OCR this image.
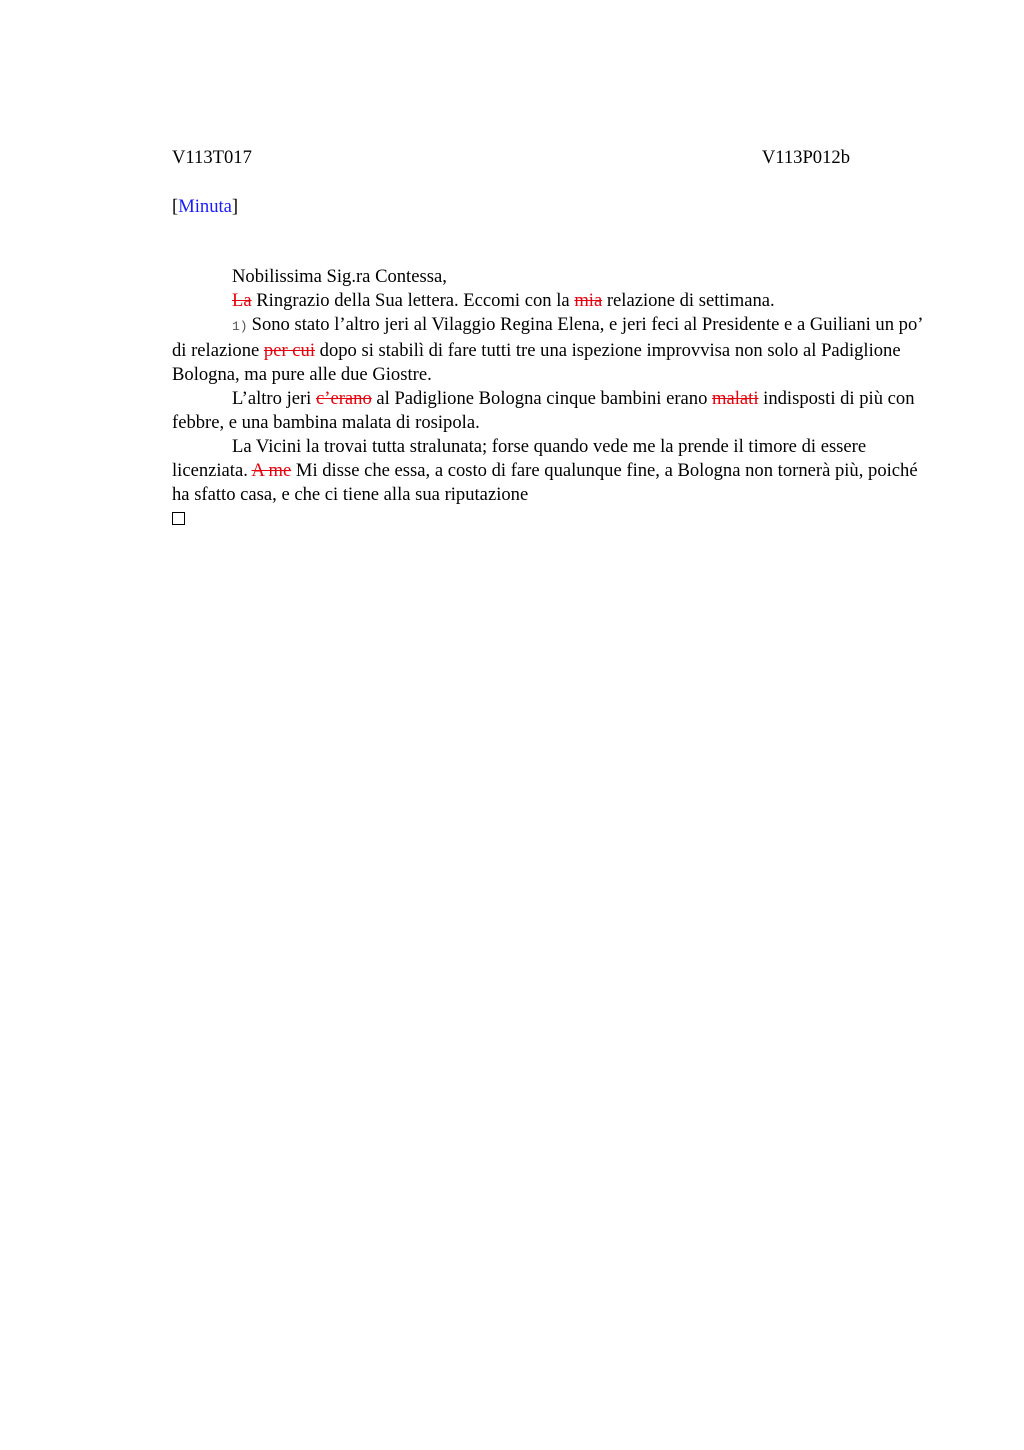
V113T017	V113P012b
[Minuta]

Nobilissima Sig.ra Contessa,

La Ringrazio della Sua lettera. Eccomi con la mia relazione di settimana.

1) Sono stato l’altro jeri al Vilaggio Regina Elena, e jeri feci al Presidente e a Guiliani un po’ di relazione per cui dopo si stabilì di fare tutti tre una ispezione improvvisa non solo al Padiglione Bologna, ma pure alle due Giostre.

L’altro jeri c’erano al Padiglione Bologna cinque bambini erano malati indisposti di più con febbre, e una bambina malata di rosipola.

La Vicini la trovai tutta stralunata; forse quando vede me la prende il timore di essere licenziata. A me Mi disse che essa, a costo di fare qualunque fine, a Bologna non tornerà più, poiché ha sfatto casa, e che ci tiene alla sua riputazione
